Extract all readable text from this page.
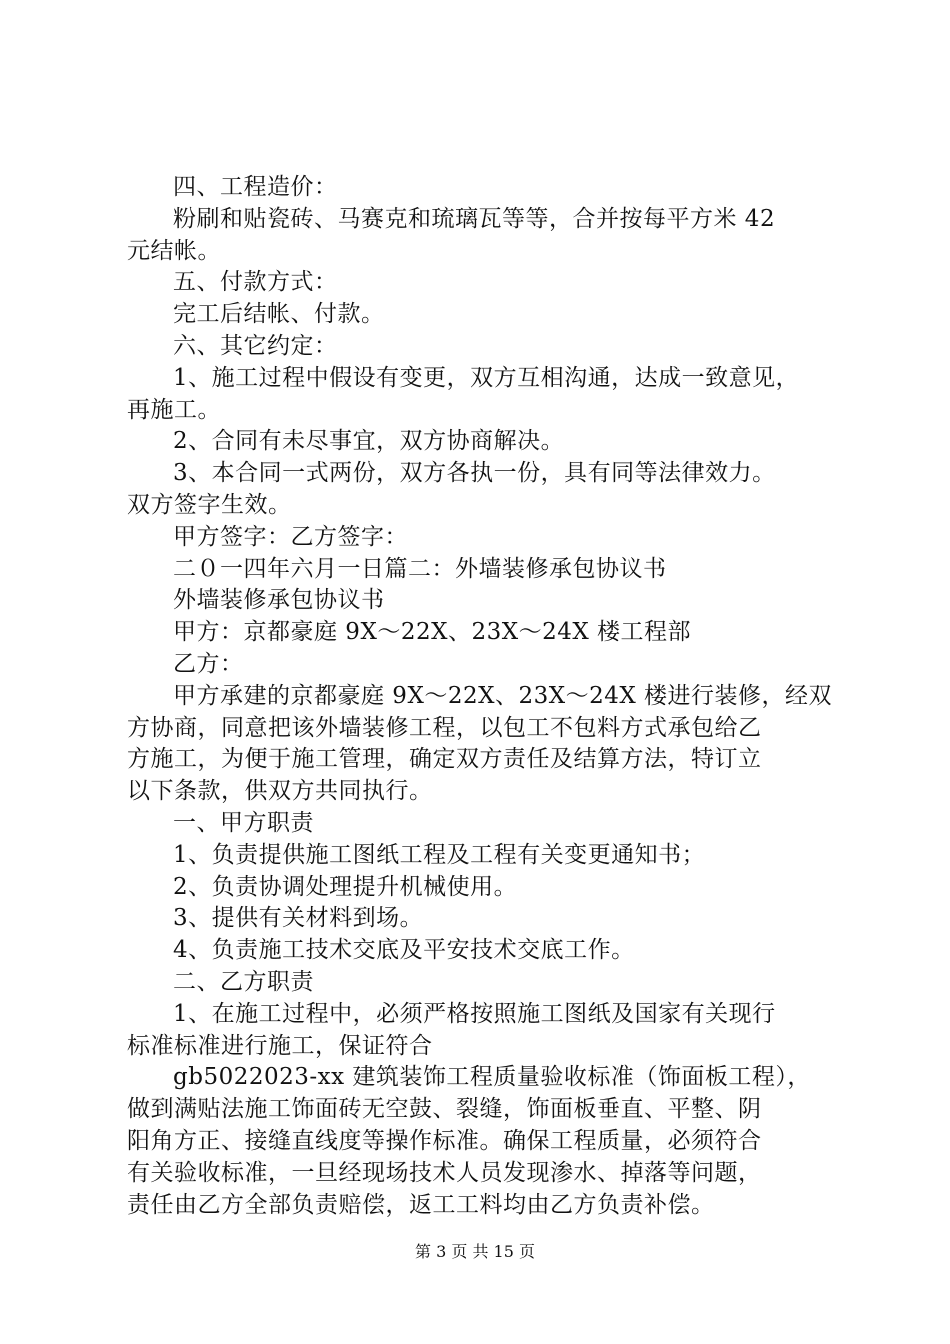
四、工程造价：
粉刷和贴瓷砖、马赛克和琉璃瓦等等，合并按每平方米 42
元结帐。
五、付款方式：
完工后结帐、付款。
六、其它约定：
1、施工过程中假设有变更，双方互相沟通，达成一致意见，
再施工。
2、合同有未尽事宜，双方协商解决。
3、本合同一式两份，双方各执一份，具有同等法律效力。
双方签字生效。
甲方签字：乙方签字：
二０一四年六月一日篇二：外墙装修承包协议书
外墙装修承包协议书
甲方：京都豪庭 9X～22X、23X～24X 楼工程部
乙方：
甲方承建的京都豪庭 9X～22X、23X～24X 楼进行装修，经双
方协商，同意把该外墙装修工程，以包工不包料方式承包给乙
方施工，为便于施工管理，确定双方责任及结算方法，特订立
以下条款，供双方共同执行。
一、甲方职责
1、负责提供施工图纸工程及工程有关变更通知书；
2、负责协调处理提升机械使用。
3、提供有关材料到场。
4、负责施工技术交底及平安技术交底工作。
二、乙方职责
1、在施工过程中，必须严格按照施工图纸及国家有关现行
标准标准进行施工，保证符合
gb5022023-xx 建筑装饰工程质量验收标准（饰面板工程），
做到满贴法施工饰面砖无空鼓、裂缝，饰面板垂直、平整、阴
阳角方正、接缝直线度等操作标准。确保工程质量，必须符合
有关验收标准，一旦经现场技术人员发现渗水、掉落等问题，
责任由乙方全部负责赔偿，返工工料均由乙方负责补偿。
第 3 页 共 15 页
